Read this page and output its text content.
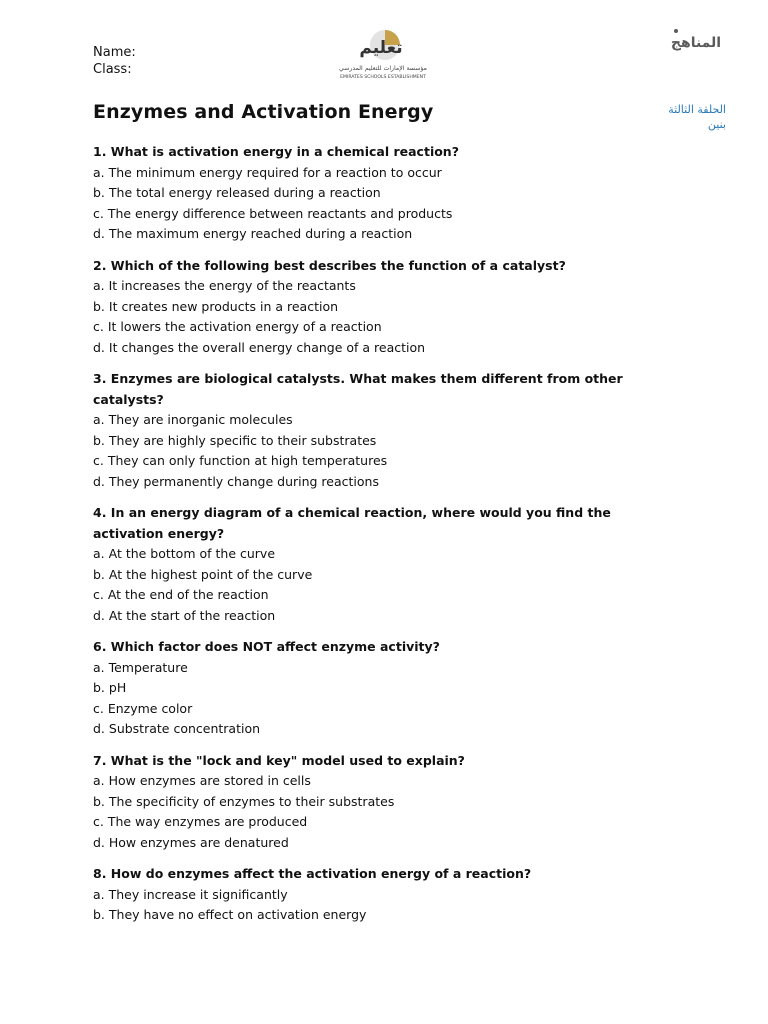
Name:
Class:
تعليم
مؤسسة الإمارات للتعليم المدرسي
EMIRATES SCHOOLS ESTABLISHMENT
المناهج
الحلقة الثالثة
بنين
Enzymes and Activation Energy

1. What is activation energy in a chemical reaction?

a. The minimum energy required for a reaction to occur
b. The total energy released during a reaction
c. The energy difference between reactants and products
d. The maximum energy reached during a reaction

2. Which of the following best describes the function of a catalyst?

a. It increases the energy of the reactants
b. It creates new products in a reaction
c. It lowers the activation energy of a reaction
d. It changes the overall energy change of a reaction

3. Enzymes are biological catalysts. What makes them different from other catalysts?

a. They are inorganic molecules
b. They are highly specific to their substrates
c. They can only function at high temperatures
d. They permanently change during reactions

4. In an energy diagram of a chemical reaction, where would you find the activation energy?

a. At the bottom of the curve
b. At the highest point of the curve
c. At the end of the reaction
d. At the start of the reaction

6. Which factor does NOT affect enzyme activity?

a. Temperature
b. pH
c. Enzyme color
d. Substrate concentration

7. What is the "lock and key" model used to explain?

a. How enzymes are stored in cells
b. The specificity of enzymes to their substrates
c. The way enzymes are produced
d. How enzymes are denatured

8. How do enzymes affect the activation energy of a reaction?

a. They increase it significantly
b. They have no effect on activation energy
